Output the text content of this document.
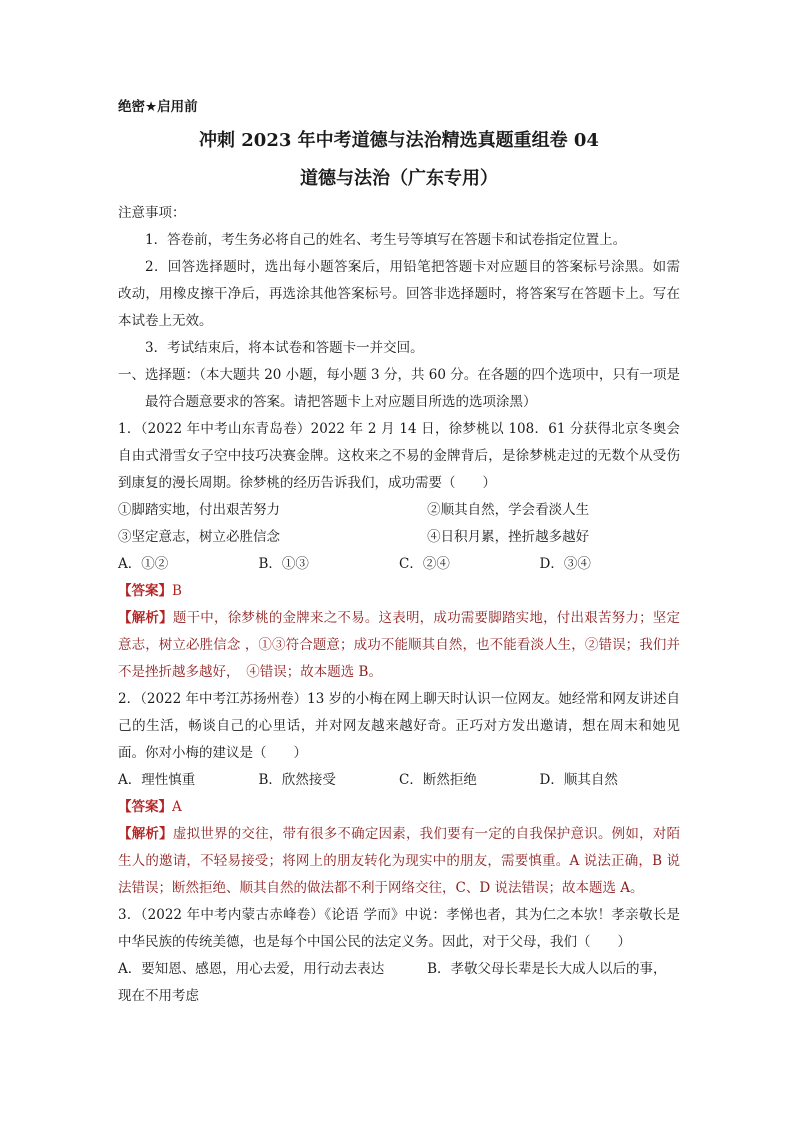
绝密★启用前
冲刺 2023 年中考道德与法治精选真题重组卷 04
道德与法治（广东专用）
注意事项：
1．答卷前，考生务必将自己的姓名、考生号等填写在答题卡和试卷指定位置上。
2．回答选择题时，选出每小题答案后，用铅笔把答题卡对应题目的答案标号涂黑。如需改动，用橡皮擦干净后，再选涂其他答案标号。回答非选择题时，将答案写在答题卡上。写在本试卷上无效。
3．考试结束后，将本试卷和答题卡一并交回。
一、选择题：（本大题共 20 小题，每小题 3 分，共 60 分。在各题的四个选项中，只有一项是最符合题意要求的答案。请把答题卡上对应题目所选的选项涂黑）
1．（2022 年中考山东青岛卷）2022 年 2 月 14 日，徐梦桃以 108．61 分获得北京冬奥会自由式滑雪女子空中技巧决赛金牌。这枚来之不易的金牌背后，是徐梦桃走过的无数个从受伤到康复的漫长周期。徐梦桃的经历告诉我们，成功需要（　　）
①脚踏实地，付出艰苦努力	②顺其自然，学会看淡人生
③坚定意志，树立必胜信念	④日积月累，挫折越多越好
A．①②	B．①③	C．②④	D．③④
【答案】B
【解析】题干中，徐梦桃的金牌来之不易。这表明，成功需要脚踏实地，付出艰苦努力；坚定意志，树立必胜信念 ，①③符合题意；成功不能顺其自然，也不能看淡人生，②错误；我们并不是挫折越多越好，　④错误；故本题选 B。
2．（2022 年中考江苏扬州卷）13 岁的小梅在网上聊天时认识一位网友。她经常和网友讲述自己的生活，畅谈自己的心里话，并对网友越来越好奇。正巧对方发出邀请，想在周末和她见面。你对小梅的建议是（　　）
A．理性慎重	B．欣然接受	C．断然拒绝	D．顺其自然
【答案】A
【解析】虚拟世界的交往，带有很多不确定因素，我们要有一定的自我保护意识。例如，对陌生人的邀请，不轻易接受；将网上的朋友转化为现实中的朋友，需要慎重。A 说法正确，B 说法错误；断然拒绝、顺其自然的做法都不利于网络交往，C、D 说法错误；故本题选 A。
3．（2022 年中考内蒙古赤峰卷）《论语 学而》中说：孝悌也者，其为仁之本欤！孝亲敬长是中华民族的传统美德，也是每个中国公民的法定义务。因此，对于父母，我们（　　）
A．要知恩、感恩，用心去爱，用行动去表达	B．孝敬父母长辈是长大成人以后的事，
现在不用考虑
